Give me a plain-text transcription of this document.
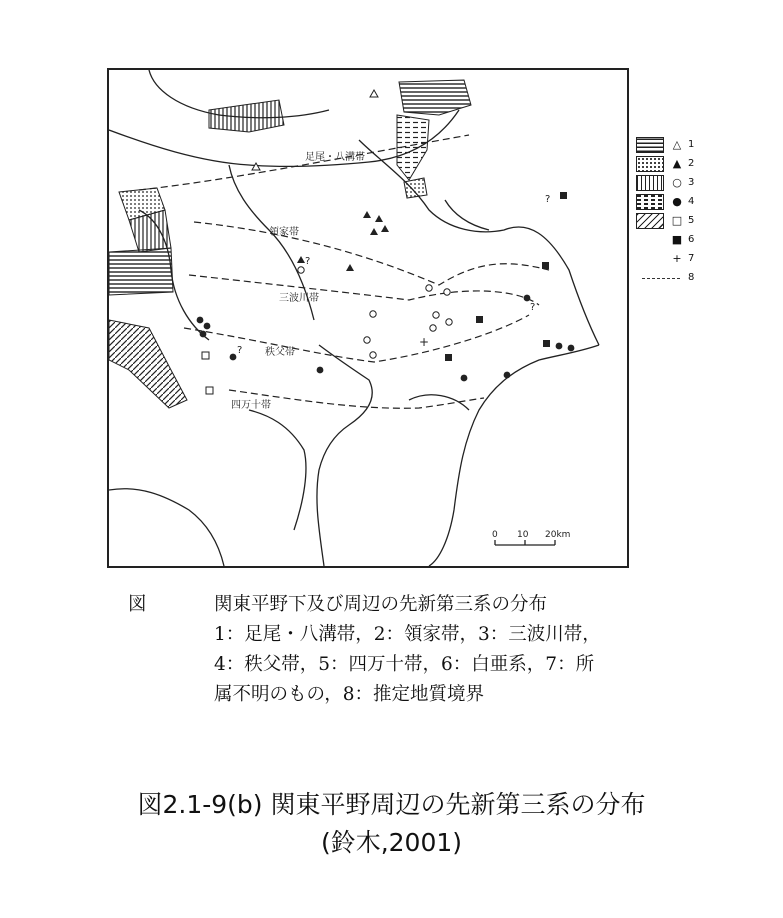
足尾・八溝帯
領家帯
三波川帯
秩父帯
四万十帯
+
?
?
?
?
0 10 20km
△ 1
▲ 2
○ 3
● 4
□ 5
■ 6
+ 7
8
図	関東平野下及び周辺の先新第三系の分布
1：足尾・八溝帯，2：領家帯，3：三波川帯，
4：秩父帯，5：四万十帯，6：白亜系，7：所
属不明のもの，8：推定地質境界
図2.1-9(b) 関東平野周辺の先新第三系の分布
(鈴木,2001)
